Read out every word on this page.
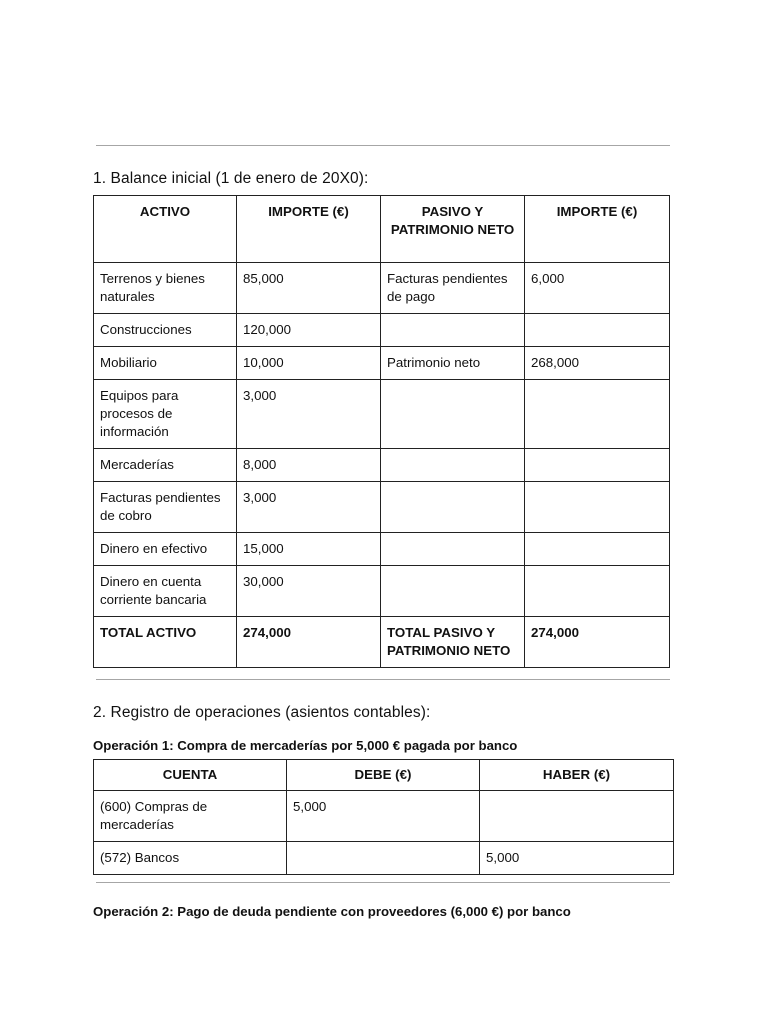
1. Balance inicial (1 de enero de 20X0):
ACTIVO	IMPORTE (€)	PASIVO Y PATRIMONIO NETO	IMPORTE (€)
Terrenos y bienes naturales	85,000	Facturas pendientes de pago	6,000
Construcciones	120,000		
Mobiliario	10,000	Patrimonio neto	268,000
Equipos para procesos de información	3,000		
Mercaderías	8,000		
Facturas pendientes de cobro	3,000		
Dinero en efectivo	15,000		
Dinero en cuenta corriente bancaria	30,000		
TOTAL ACTIVO	274,000	TOTAL PASIVO Y PATRIMONIO NETO	274,000
2. Registro de operaciones (asientos contables):
Operación 1: Compra de mercaderías por 5,000 € pagada por banco
CUENTA	DEBE (€)	HABER (€)
(600) Compras de mercaderías	5,000	
(572) Bancos		5,000
Operación 2: Pago de deuda pendiente con proveedores (6,000 €) por banco
